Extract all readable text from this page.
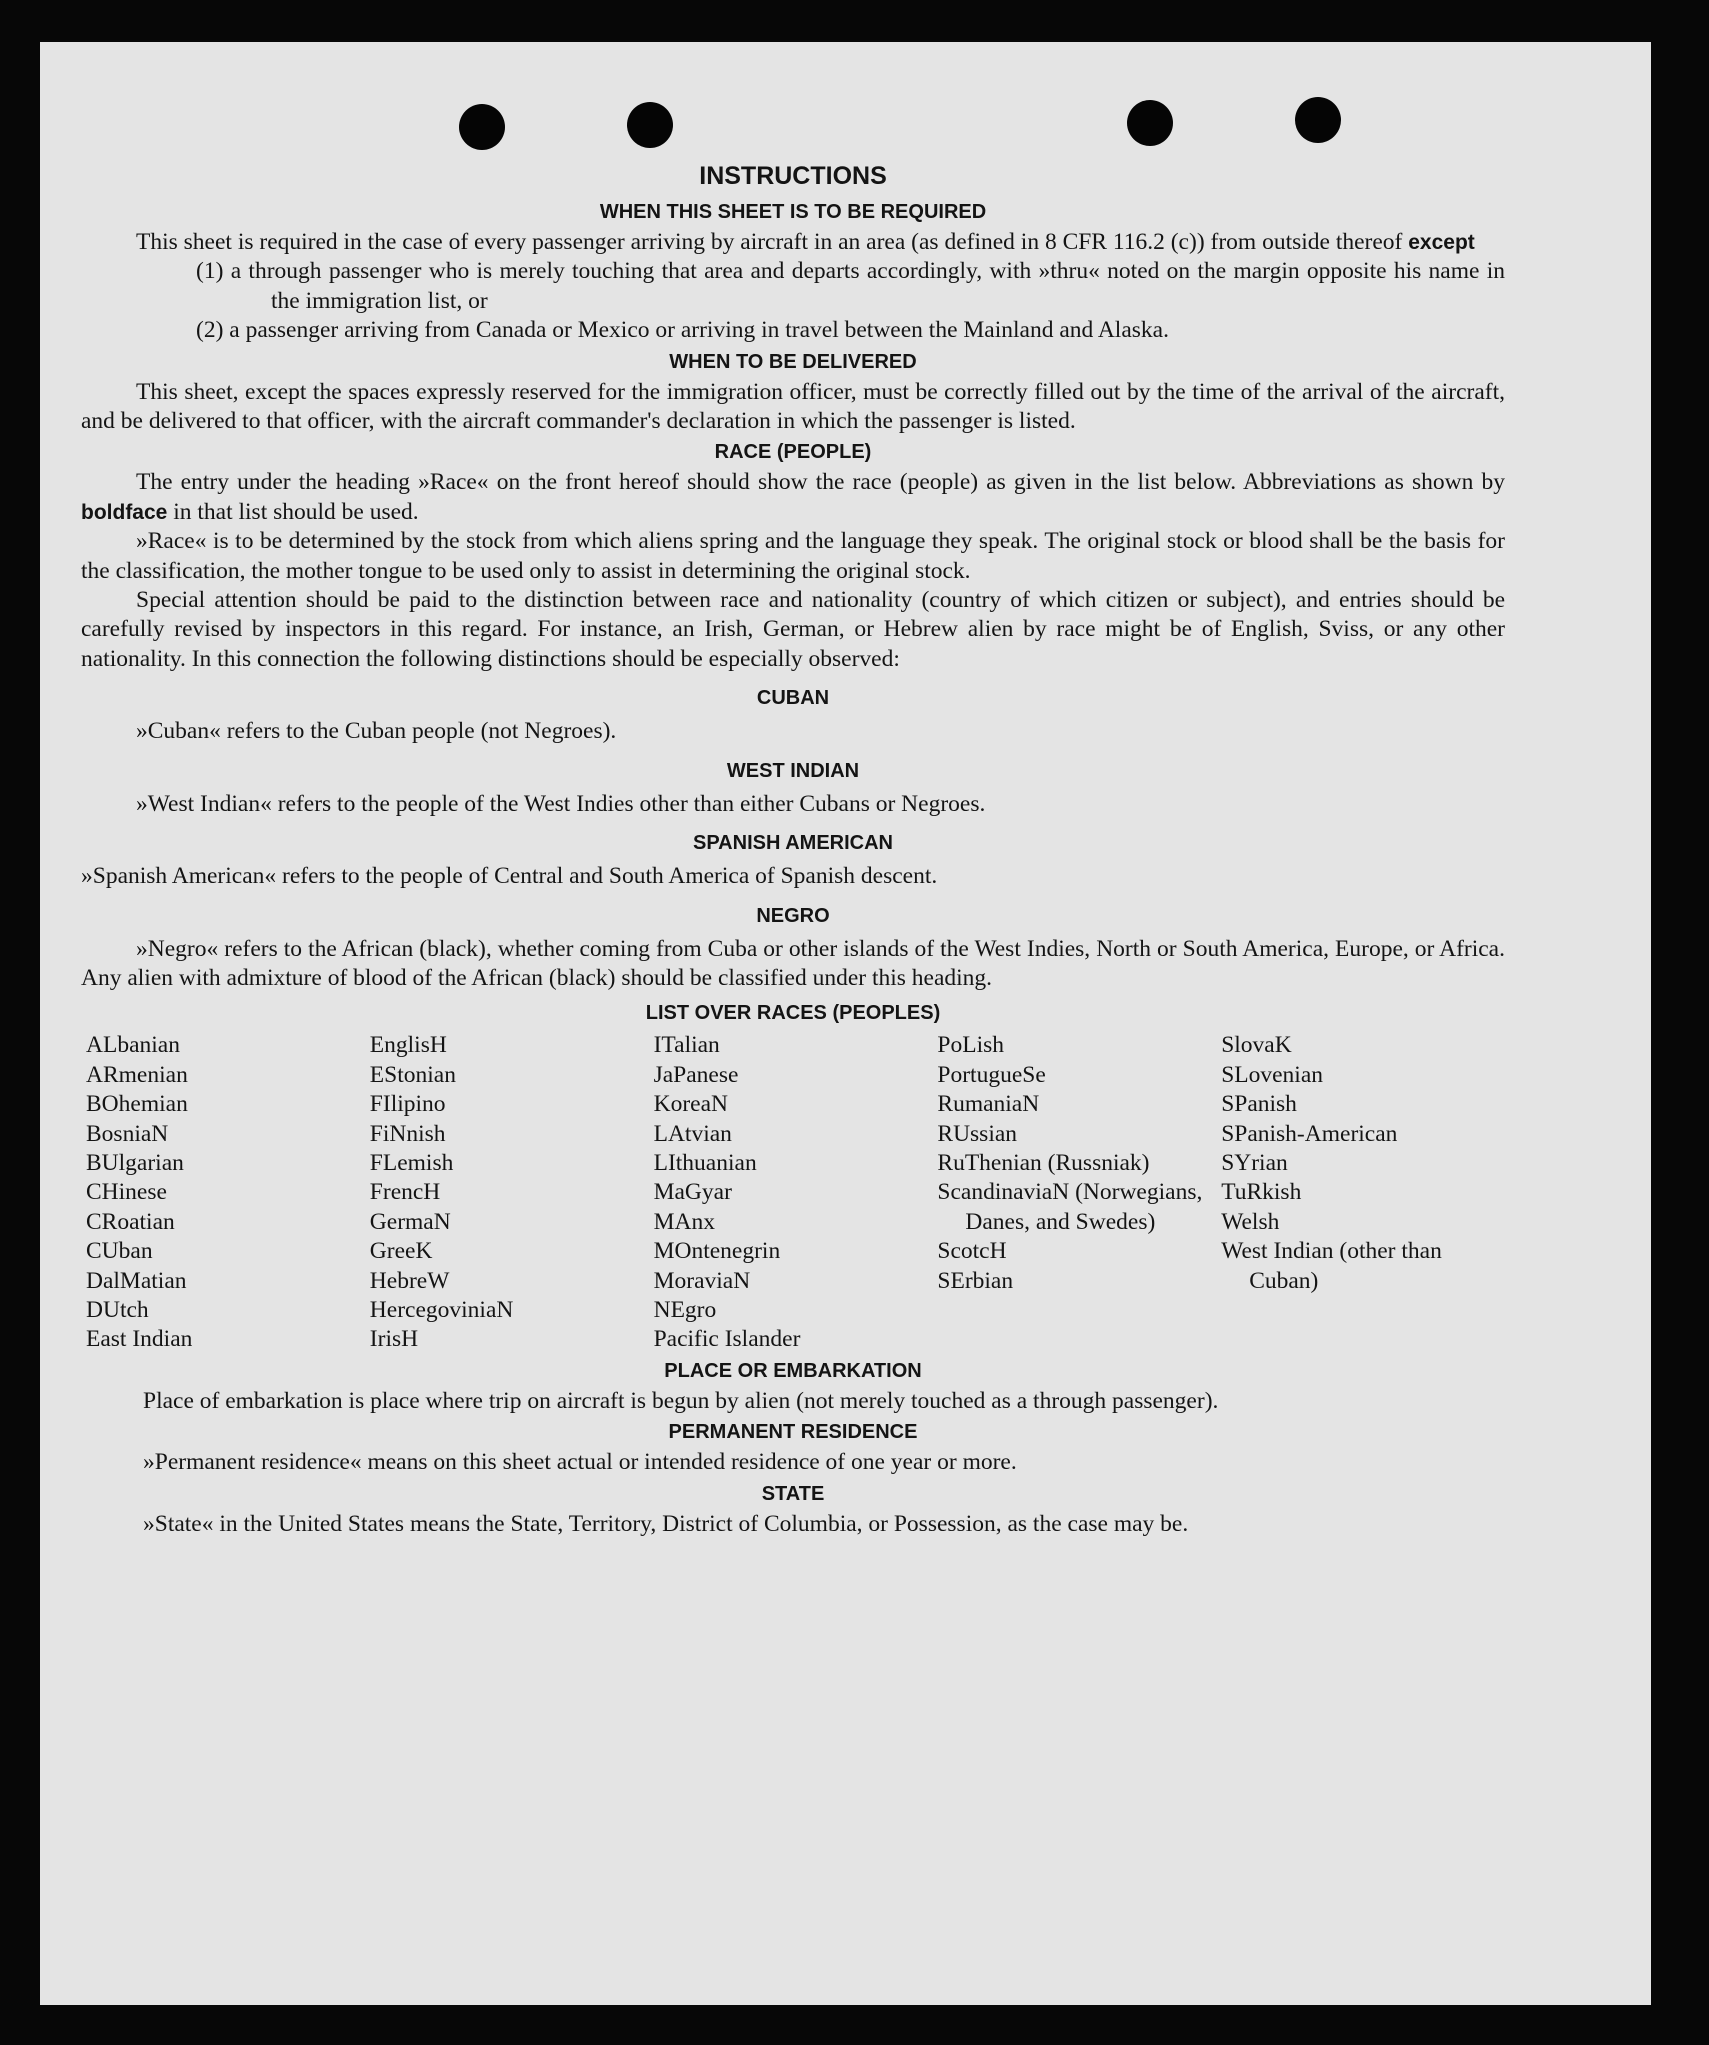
INSTRUCTIONS
WHEN THIS SHEET IS TO BE REQUIRED
This sheet is required in the case of every passenger arriving by aircraft in an area (as defined in 8 CFR 116.2 (c)) from outside thereof except
(1) a through passenger who is merely touching that area and departs accordingly, with »thru« noted on the margin opposite his name in the immigration list, or
(2) a passenger arriving from Canada or Mexico or arriving in travel between the Mainland and Alaska.
WHEN TO BE DELIVERED
This sheet, except the spaces expressly reserved for the immigration officer, must be correctly filled out by the time of the arrival of the aircraft, and be delivered to that officer, with the aircraft commander's declaration in which the passenger is listed.
RACE (PEOPLE)
The entry under the heading »Race« on the front hereof should show the race (people) as given in the list below. Abbreviations as shown by boldface in that list should be used.
»Race« is to be determined by the stock from which aliens spring and the language they speak. The original stock or blood shall be the basis for the classification, the mother tongue to be used only to assist in determining the original stock.
Special attention should be paid to the distinction between race and nationality (country of which citizen or subject), and entries should be carefully revised by inspectors in this regard. For instance, an Irish, German, or Hebrew alien by race might be of English, Sviss, or any other nationality. In this connection the following distinctions should be especially observed:
CUBAN
»Cuban« refers to the Cuban people (not Negroes).
WEST INDIAN
»West Indian« refers to the people of the West Indies other than either Cubans or Negroes.
SPANISH AMERICAN
»Spanish American« refers to the people of Central and South America of Spanish descent.
NEGRO
»Negro« refers to the African (black), whether coming from Cuba or other islands of the West Indies, North or South America, Europe, or Africa. Any alien with admixture of blood of the African (black) should be classified under this heading.
LIST OVER RACES (PEOPLES)
ALbanian
ARmenian
BOhemian
BosniaN
BUlgarian
CHinese
CRoatian
CUban
DalMatian
DUtch
East Indian
EnglisH
EStonian
FIlipino
FiNnish
FLemish
FrencH
GermaN
GreeK
HebreW
HercegoviniaN
IrisH
ITalian
JaPanese
KoreaN
LAtvian
LIthuanian
MaGyar
MAnx
MOntenegrin
MoraviaN
NEgro
Pacific Islander
PoLish
PortugueSe
RumaniaN
RUssian
RuThenian (Russniak)
ScandinaviaN (Norwegians, Danes, and Swedes)
ScotcH
SErbian
SlovaK
SLovenian
SPanish
SPanish-American
SYrian
TuRkish
Welsh
West Indian (other than Cuban)
PLACE OR EMBARKATION
Place of embarkation is place where trip on aircraft is begun by alien (not merely touched as a through passenger).
PERMANENT RESIDENCE
»Permanent residence« means on this sheet actual or intended residence of one year or more.
STATE
»State« in the United States means the State, Territory, District of Columbia, or Possession, as the case may be.
